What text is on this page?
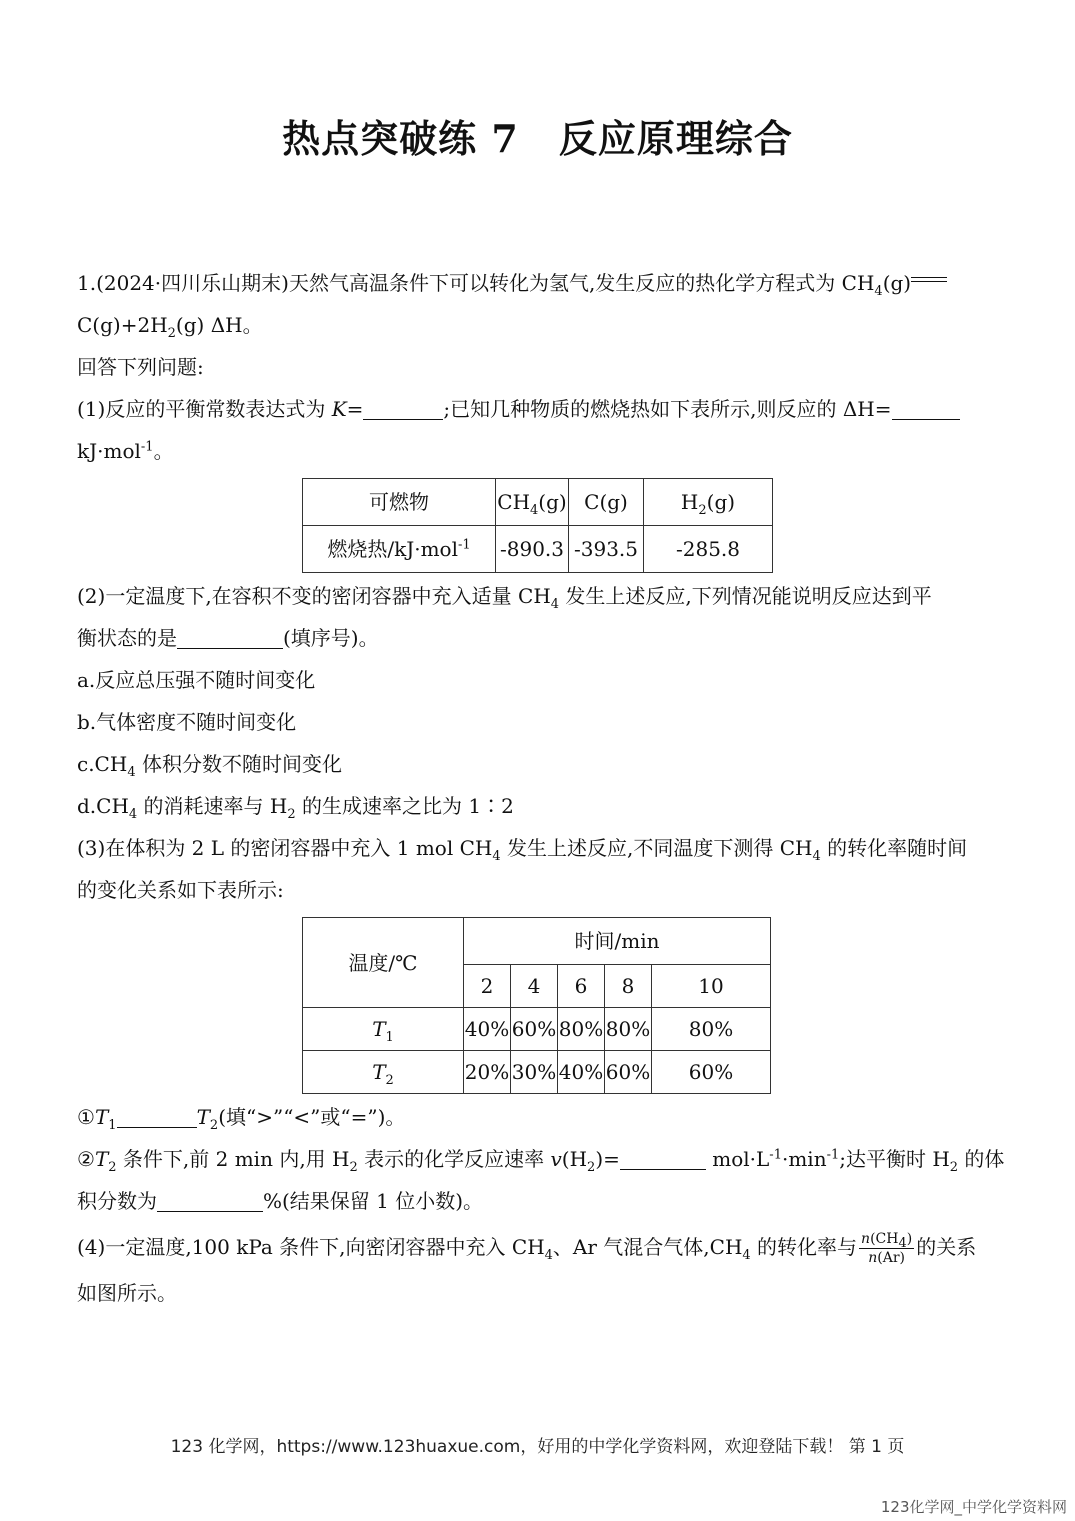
热点突破练 7 反应原理综合
1.(2024·四川乐山期末)天然气高温条件下可以转化为氢气,发生反应的热化学方程式为 $CH_4(g)$
$C(g)+2H_2(g)$ ΔH。
回答下列问题:
(1)反应的平衡常数表达式为 K=	;已知几种物质的燃烧热如下表所示,则反应的 ΔH=
kJ·mol$^{-1}$。
可燃物	$CH_4(g)$	C(g)	$H_2(g)$
燃烧热/kJ·mol$^{-1}$	-890.3	-393.5	-285.8
(2)一定温度下,在容积不变的密闭容器中充入适量 $CH_4$ 发生上述反应,下列情况能说明反应达到平
衡状态的是	(填序号)。
a.反应总压强不随时间变化
b.气体密度不随时间变化
$c.CH_4$ 体积分数不随时间变化
$d.CH_4$ 的消耗速率与 $H_2$ 的生成速率之比为 1∶2
(3)在体积为 2 L 的密闭容器中充入 1 mol $CH_4$ 发生上述反应,不同温度下测得 $CH_4$ 的转化率随时间
的变化关系如下表所示:
温度/℃	时间/min				
	2	4	6	8	10
$T_1$	40%	60%	80%	80%	80%
$T_2$	20%	30%	40%	60%	60%
$①T_1$	$T_2$(填“>”“<”或“=”)。
$②T_2$ 条件下,前 2 min 内,用 $H_2$ 表示的化学反应速率 $v(H_2)=$	$mol\cdot L^{-1}\cdot\min^{-1}$;达平衡时 $H_2$ 的体
积分数为	%(结果保留 1 位小数)。
(4)一定温度,100 kPa 条件下,向密闭容器中充入 $CH_4$、Ar 气混合气体$,CH_4$ 的转化率与 $\frac{n(CH_4)}{n(Ar)}$ 的关系
如图所示。
123 化学网，https://www.123huaxue.com，好用的中学化学资料网，欢迎登陆下载！ 第 1 页
123化学网_中学化学资料网
